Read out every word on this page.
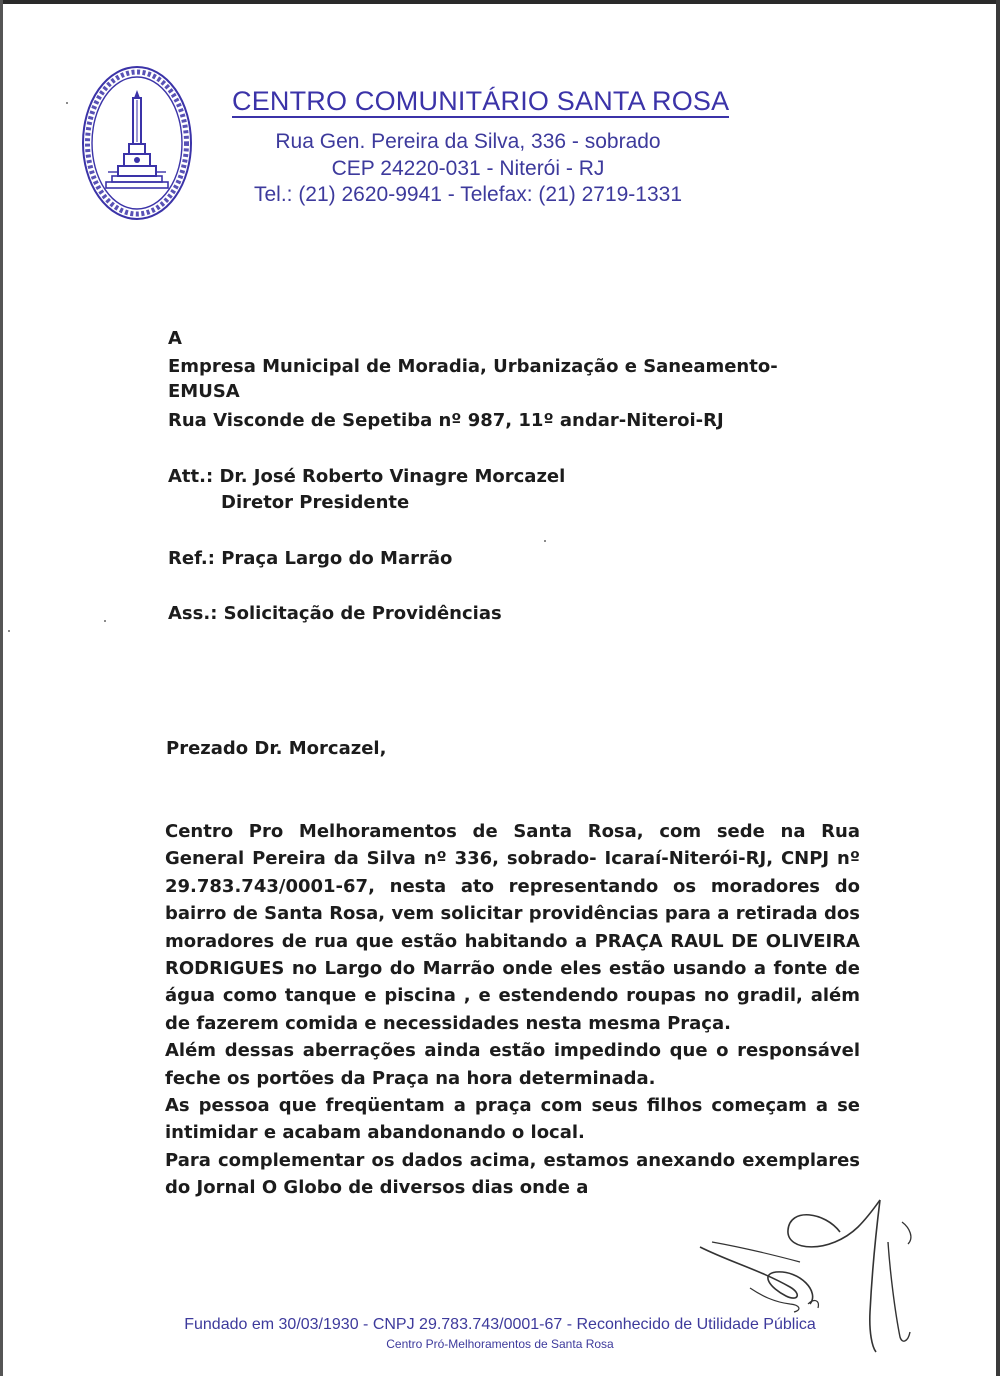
CENTRO COMUNITÁRIO SANTA ROSA
Rua Gen. Pereira da Silva, 336 - sobrado
CEP 24220-031 - Niterói - RJ
Tel.: (21) 2620-9941 - Telefax: (21) 2719-1331
A
Empresa Municipal de Moradia, Urbanização e Saneamento-
EMUSA
Rua Visconde de Sepetiba nº 987, 11º andar-Niteroi-RJ
Att.: Dr. José Roberto Vinagre Morcazel
Diretor Presidente
Ref.: Praça Largo do Marrão
Ass.: Solicitação de Providências
Prezado Dr. Morcazel,

Centro Pro Melhoramentos de Santa Rosa, com sede na Rua General Pereira da Silva nº 336, sobrado- Icaraí-Niterói-RJ, CNPJ nº 29.783.743/0001-67, nesta ato representando os moradores do bairro de Santa Rosa, vem solicitar providências para a retirada dos moradores de rua que estão habitando a PRAÇA RAUL DE OLIVEIRA RODRIGUES no Largo do Marrão onde eles estão usando a fonte de água como tanque e piscina , e estendendo roupas no gradil, além de fazerem comida e necessidades nesta mesma Praça.

Além dessas aberrações ainda estão impedindo que o responsável feche os portões da Praça na hora determinada.

As pessoa que freqüentam a praça com seus filhos começam a se intimidar e acabam abandonando o local.

Para complementar os dados acima, estamos anexando exemplares do Jornal O Globo de diversos dias onde a

Fundado em 30/03/1930 - CNPJ 29.783.743/0001-67 - Reconhecido de Utilidade Pública
Centro Pró-Melhoramentos de Santa Rosa
